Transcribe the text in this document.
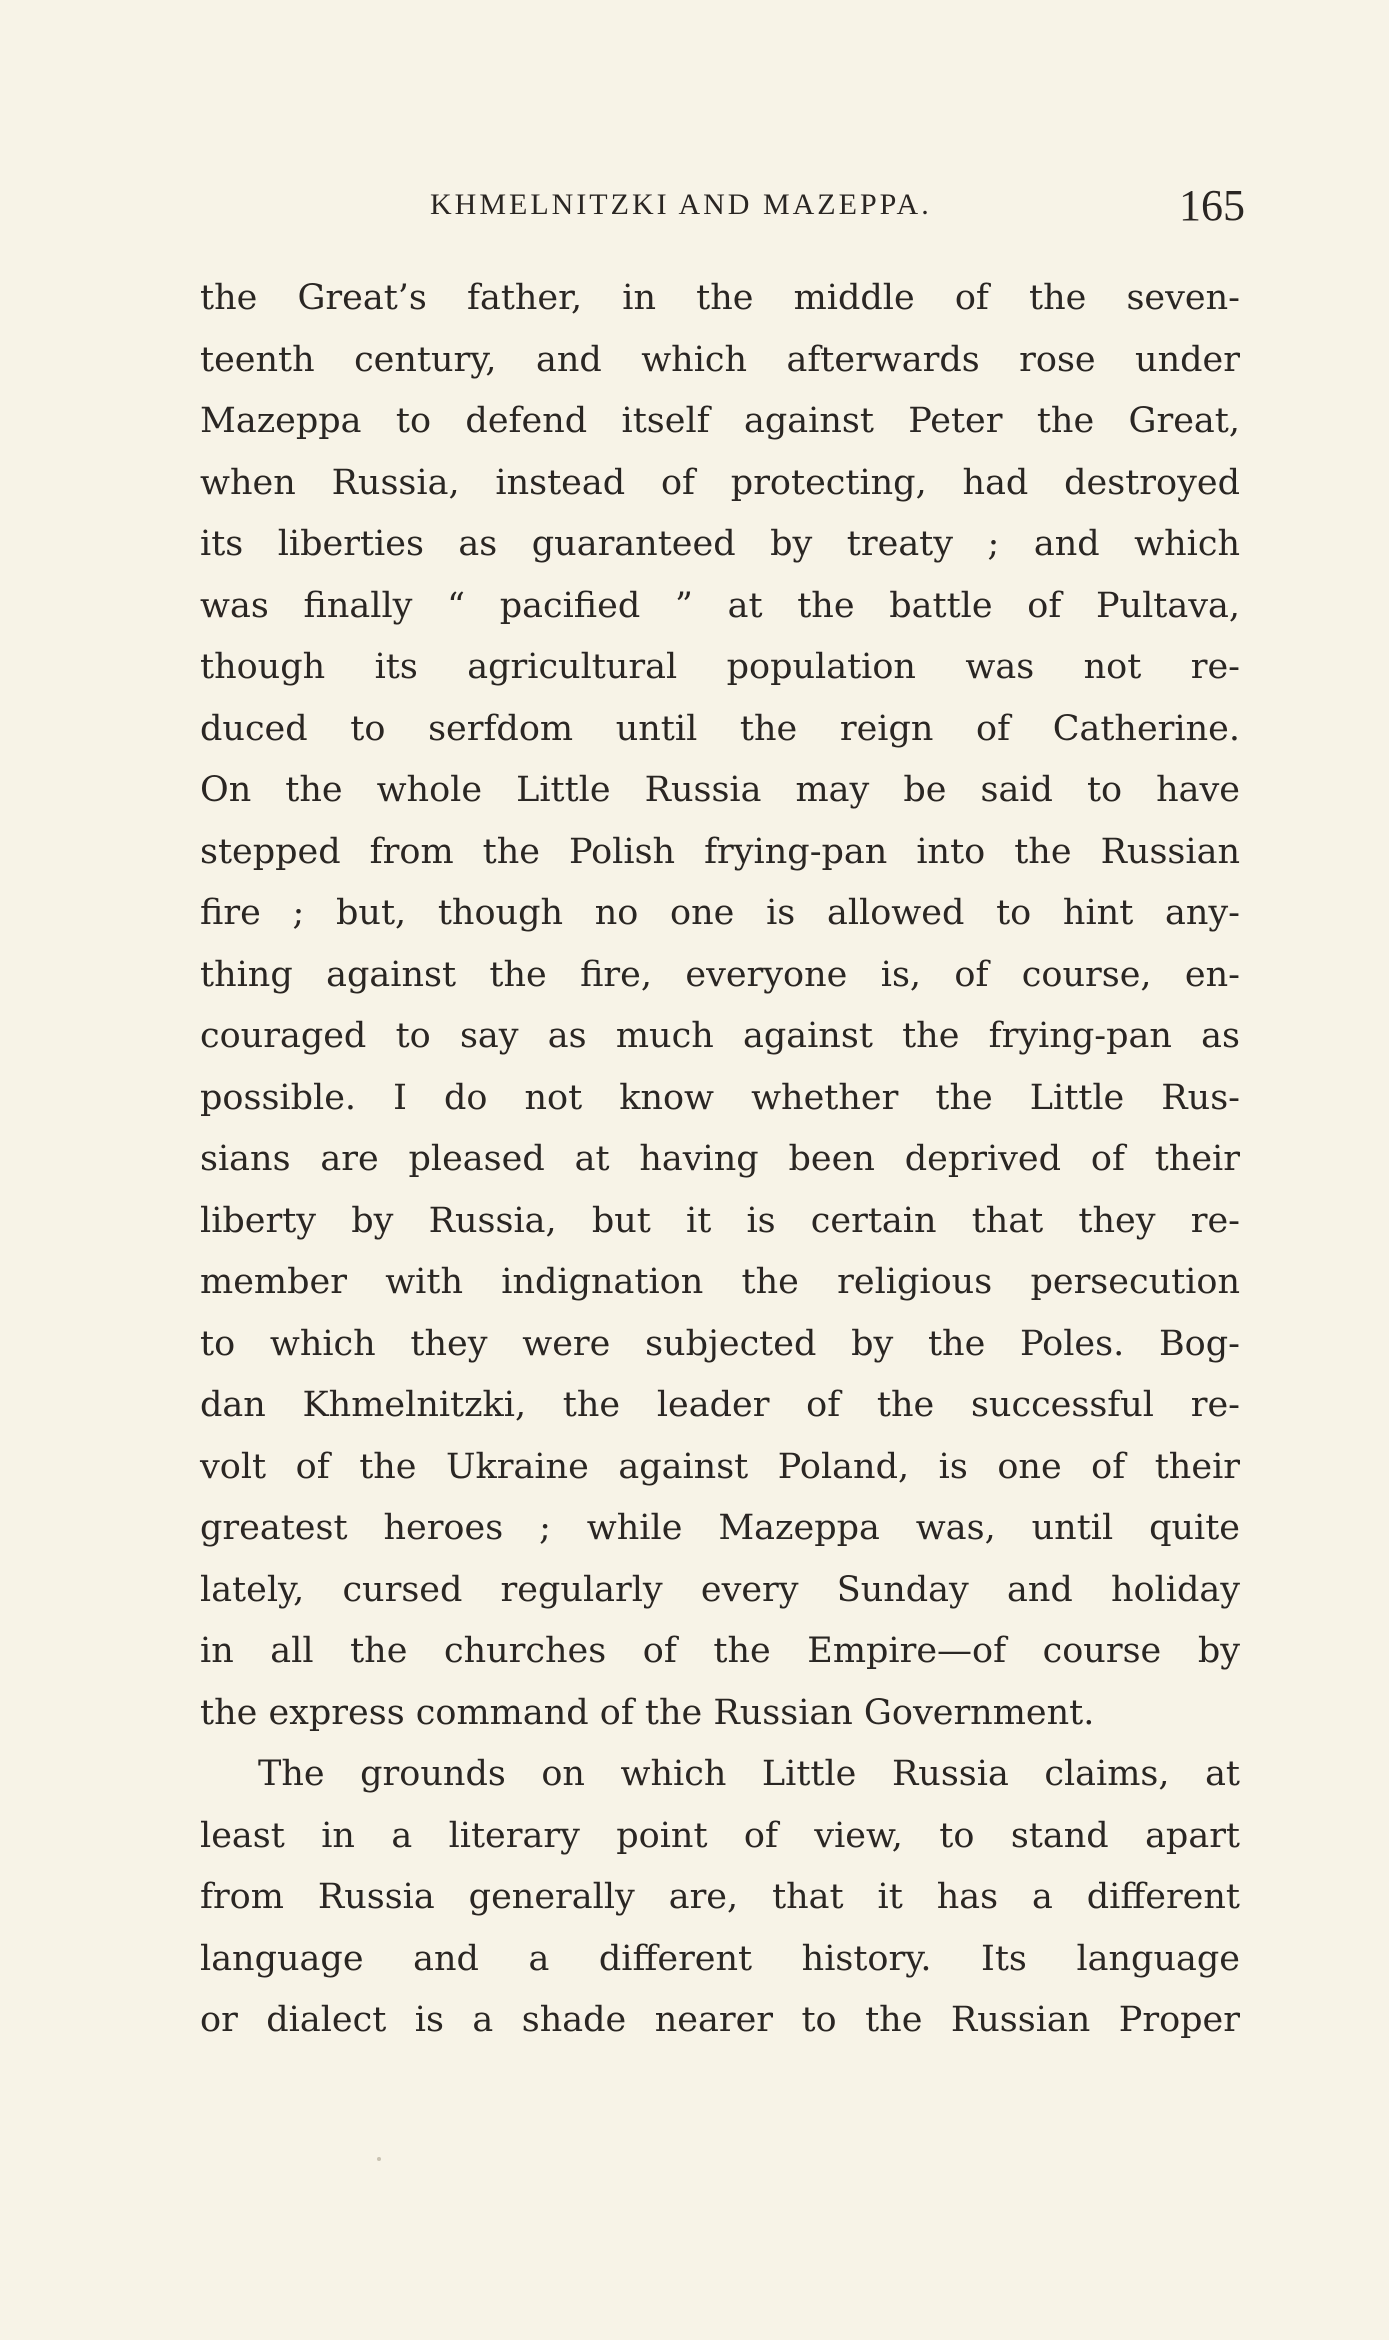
KHMELNITZKI AND MAZEPPA.	165
the Great’s father, in the middle of the seven-
teenth century, and which afterwards rose under
Mazeppa to defend itself against Peter the Great,
when Russia, instead of protecting, had destroyed
its liberties as guaranteed by treaty ; and which
was finally “ pacified ” at the battle of Pultava,
though its agricultural population was not re-
duced to serfdom until the reign of Catherine.
On the whole Little Russia may be said to have
stepped from the Polish frying-pan into the Russian
fire ; but, though no one is allowed to hint any-
thing against the fire, everyone is, of course, en-
couraged to say as much against the frying-pan as
possible. I do not know whether the Little Rus-
sians are pleased at having been deprived of their
liberty by Russia, but it is certain that they re-
member with indignation the religious persecution
to which they were subjected by the Poles. Bog-
dan Khmelnitzki, the leader of the successful re-
volt of the Ukraine against Poland, is one of their
greatest heroes ; while Mazeppa was, until quite
lately, cursed regularly every Sunday and holiday
in all the churches of the Empire—of course by
the express command of the Russian Government.
The grounds on which Little Russia claims, at
least in a literary point of view, to stand apart
from Russia generally are, that it has a different
language and a different history. Its language
or dialect is a shade nearer to the Russian Proper
